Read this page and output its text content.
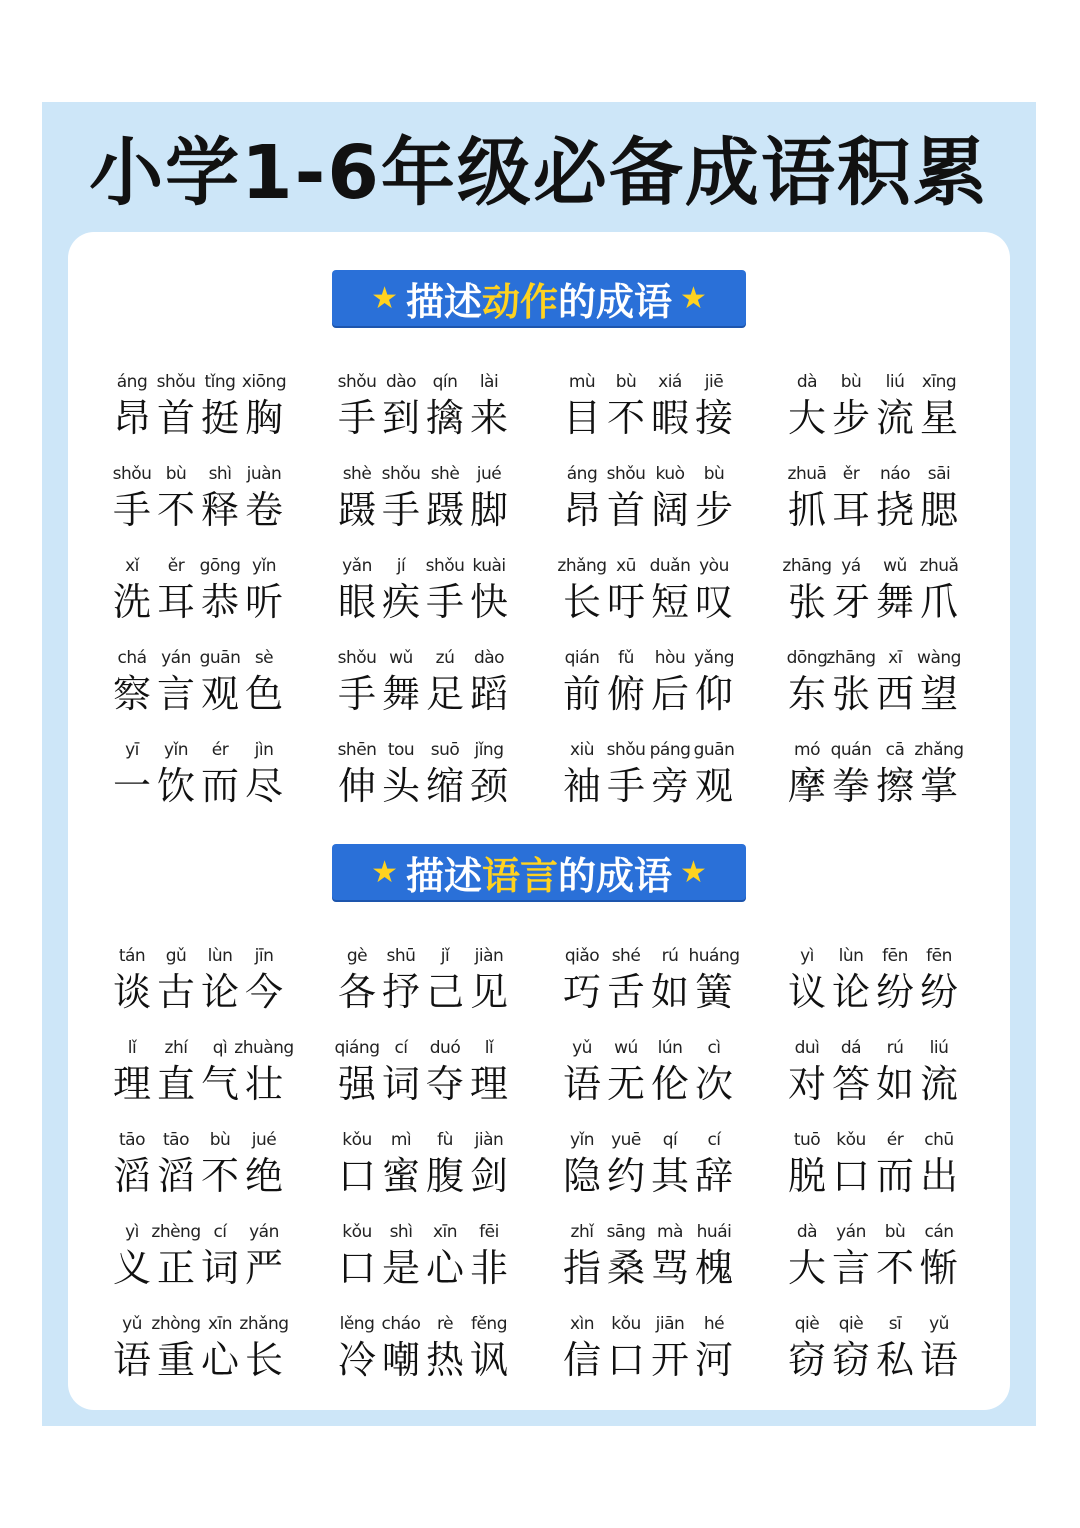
小学1-6年级必备成语积累
★ 描述 动作 的成语 ★
áng
昂
shǒu
首
tǐng
挺
xiōng
胸
shǒu
手
dào
到
qín
擒
lài
来
mù
目
bù
不
xiá
暇
jiē
接
dà
大
bù
步
liú
流
xīng
星
shǒu
手
bù
不
shì
释
juàn
卷
shè
蹑
shǒu
手
shè
蹑
jué
脚
áng
昂
shǒu
首
kuò
阔
bù
步
zhuā
抓
ěr
耳
náo
挠
sāi
腮
xǐ
洗
ěr
耳
gōng
恭
yǐn
听
yǎn
眼
jí
疾
shǒu
手
kuài
快
zhǎng
长
xū
吁
duǎn
短
yòu
叹
zhāng
张
yá
牙
wǔ
舞
zhuǎ
爪
chá
察
yán
言
guān
观
sè
色
shǒu
手
wǔ
舞
zú
足
dào
蹈
qián
前
fǔ
俯
hòu
后
yǎng
仰
dōng
东
zhāng
张
xī
西
wàng
望
yī
一
yǐn
饮
ér
而
jìn
尽
shēn
伸
tou
头
suō
缩
jǐng
颈
xiù
袖
shǒu
手
páng
旁
guān
观
mó
摩
quán
拳
cā
擦
zhǎng
掌
★ 描述 语言 的成语 ★
tán
谈
gǔ
古
lùn
论
jīn
今
gè
各
shū
抒
jǐ
己
jiàn
见
qiǎo
巧
shé
舌
rú
如
huáng
簧
yì
议
lùn
论
fēn
纷
fēn
纷
lǐ
理
zhí
直
qì
气
zhuàng
壮
qiáng
强
cí
词
duó
夺
lǐ
理
yǔ
语
wú
无
lún
伦
cì
次
duì
对
dá
答
rú
如
liú
流
tāo
滔
tāo
滔
bù
不
jué
绝
kǒu
口
mì
蜜
fù
腹
jiàn
剑
yǐn
隐
yuē
约
qí
其
cí
辞
tuō
脱
kǒu
口
ér
而
chū
出
yì
义
zhèng
正
cí
词
yán
严
kǒu
口
shì
是
xīn
心
fēi
非
zhǐ
指
sāng
桑
mà
骂
huái
槐
dà
大
yán
言
bù
不
cán
惭
yǔ
语
zhòng
重
xīn
心
zhǎng
长
lěng
冷
cháo
嘲
rè
热
fěng
讽
xìn
信
kǒu
口
jiān
开
hé
河
qiè
窃
qiè
窃
sī
私
yǔ
语
